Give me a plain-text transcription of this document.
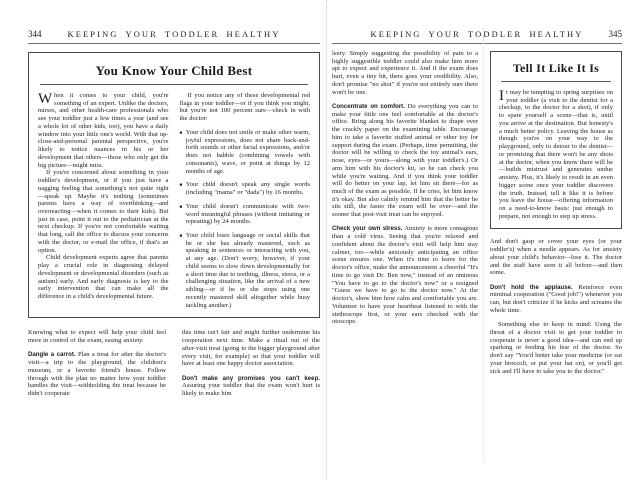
344	KEEPING YOUR TODDLER HEALTHY
You Know Your Child Best

When it comes to your child, you're something of an expert. Unlike the doctors, nurses, and other health-care professionals who see your toddler just a few times a year (and see a whole lot of other kids, too), you have a daily window into your little one's world. With that up-close-and-personal parental perspective, you're likely to notice nuances in his or her development that others—those who only get the big picture—might miss.

If you're concerned about something in your toddler's development, or if you just have a nagging feeling that something's not quite right—speak up. Maybe it's nothing (sometimes parents have a way of overthinking—and overreacting—when it comes to their kids). But just in case, point it out to the pediatrician at the next checkup. If you're not comfortable waiting that long, call the office to discuss your concerns with the doctor, or e-mail the office, if that's an option.

Child development experts agree that parents play a crucial role in diagnosing delayed development or developmental disorders (such as autism) early. And early diagnosis is key to the early intervention that can make all the difference in a child's developmental future.

If you notice any of these developmental red flags in your toddler—or if you think you might, but you're not 100 percent sure—check in with the doctor:

■ Your child does not smile or make other warm, joyful expressions, does not share back-and-forth sounds or other facial expressions, and/or does not babble (combining vowels with consonants), wave, or point at things by 12 months of age.

■ Your child doesn't speak any single words (including "mama" or "dada") by 16 months.

■ Your child doesn't communicate with two-word meaningful phrases (without imitating or repeating) by 24 months.

■ Your child loses language or social skills that he or she has already mastered, such as speaking in sentences or interacting with you, at any age. (Don't worry, however, if your child seems to slow down developmentally for a short time due to teething, illness, stress, or a challenging situation, like the arrival of a new sibling—or if he or she stops using one recently mastered skill altogether while busy tackling another.)

Knowing what to expect will help your child feel more in control of the exam, easing anxiety.

Dangle a carrot. Plan a treat for after the doctor's visit—a trip to the playground, the children's museum, or a favorite friend's house. Follow through with the plan no matter how your toddler handles the visit—withholding the treat because he didn't cooperate

this time isn't fair and might further undermine his cooperation next time. Make a ritual out of the after-visit treat (going to the bigger playground after every visit, for example) so that your toddler will have at least one happy doctor association.

Don't make any promises you can't keep. Assuring your toddler that the exam won't hurt is likely to make him

KEEPING YOUR TODDLER HEALTHY	345

leery. Simply suggesting the possibility of pain to a highly suggestible toddler could also make him more apt to expect and experience it. And if the exam does hurt, even a tiny bit, there goes your credibility. Also, don't promise "no shot" if you're not entirely sure there won't be one.

Concentrate on comfort. Do everything you can to make your little one feel comfortable at the doctor's office. Bring along his favorite blanket to drape over the crackly paper on the examining table. Encourage him to take a favorite stuffed animal or other toy for support during the exam. (Perhaps, time permitting, the doctor will be willing to check the toy animal's ears, nose, eyes—or yours—along with your toddler's.) Or arm him with his doctor's kit, so he can check you while you're waiting. And if you think your toddler will do better on your lap, let him sit there—for as much of the exam as possible. If he cries, let him know it's okay. But also calmly remind him that the better he sits still, the faster the exam will be over—and the sooner that post-visit treat can be enjoyed.

Check your own stress. Anxiety is more contagious than a cold virus. Seeing that you're relaxed and confident about the doctor's visit will help him stay calmer, too—while anxiously anticipating an office scene ensures one. When it's time to leave for the doctor's office, make the announcement a cheerful "It's time to go visit Dr. Ben now," instead of an ominous "You have to go to the doctor's now" or a resigned "Guess we have to go to the doctor now." At the doctor's, show him how calm and comfortable you are. Volunteer to have your heartbeat listened to with the stethoscope first, or your ears checked with the otoscope.

Tell It Like It Is

It may be tempting to spring surprises on your toddler (a visit to the dentist for a checkup, to the doctor for a shot), if only to spare yourself a scene—that is, until you arrive at the destination. But honesty's a much better policy. Leaving the house as though you're on your way to the playground, only to detour to the dentist—or promising that there won't be any shots at the doctor, when you know there will be—builds mistrust and generates undue anxiety. Plus, it's likely to result in an even bigger scene once your toddler discovers the truth. Instead, tell it like it is before you leave the house—offering information on a need-to-know basis: just enough to prepare, not enough to step up stress.

And don't gasp or cover your eyes (or your toddler's) when a needle appears. As for anxiety about your child's behavior—lose it. The doctor and the staff have seen it all before—and then some.

Don't hold the applause. Reinforce even minimal cooperation ("Good job!") whenever you can, but don't criticize if he kicks and screams the whole time.

Something else to keep in mind: Using the threat of a doctor visit to get your toddler to cooperate is never a good idea—and can end up sparking or feeding his fear of the doctor. So don't say "You'd better take your medicine (or eat your broccoli, or put your hat on), or you'll get sick and I'll have to take you to the doctor."
